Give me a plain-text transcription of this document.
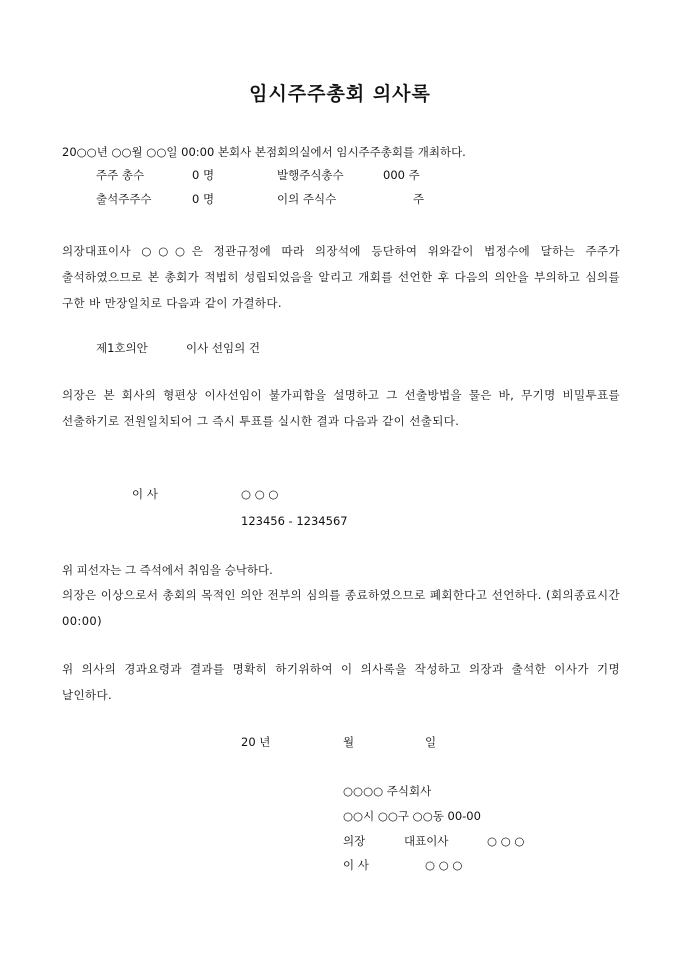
임시주주총회 의사록
20○○년 ○○월 ○○일 00:00 본회사 본점회의실에서 임시주주총회를 개최하다.
주주 총수	0 명	발행주식총수	000 주
출석주주수	0 명	이의 주식수	주
의장대표이사 ○○○은 정관규정에 따라 의장석에 등단하여 위와같이 법정수에 달하는 주주가 출석하였으므로 본 총회가 적법히 성립되었음을 알리고 개회를 선언한 후 다음의 의안을 부의하고 심의를 구한 바 만장일치로 다음과 같이 가결하다.
제1호의안	이사 선임의 건
의장은 본 회사의 형편상 이사선임이 불가피함을 설명하고 그 선출방법을 물은 바, 무기명 비밀투표를 선출하기로 전원일치되어 그 즉시 투표를 실시한 결과 다음과 같이 선출되다.
이 사	○ ○ ○
123456 - 1234567
위 피선자는 그 즉석에서 취임을 승낙하다.
의장은 이상으로서 총회의 목적인 의안 전부의 심의를 종료하였으므로 폐회한다고 선언하다. (회의종료시간 00:00)
위 의사의 경과요령과 결과를 명확히 하기위하여 이 의사록을 작성하고 의장과 출석한 이사가 기명 날인하다.
20 년	월	일
○○○○ 주식회사
○○시 ○○구 ○○동 00-00
의장	대표이사	○ ○ ○
이 사	○ ○ ○
